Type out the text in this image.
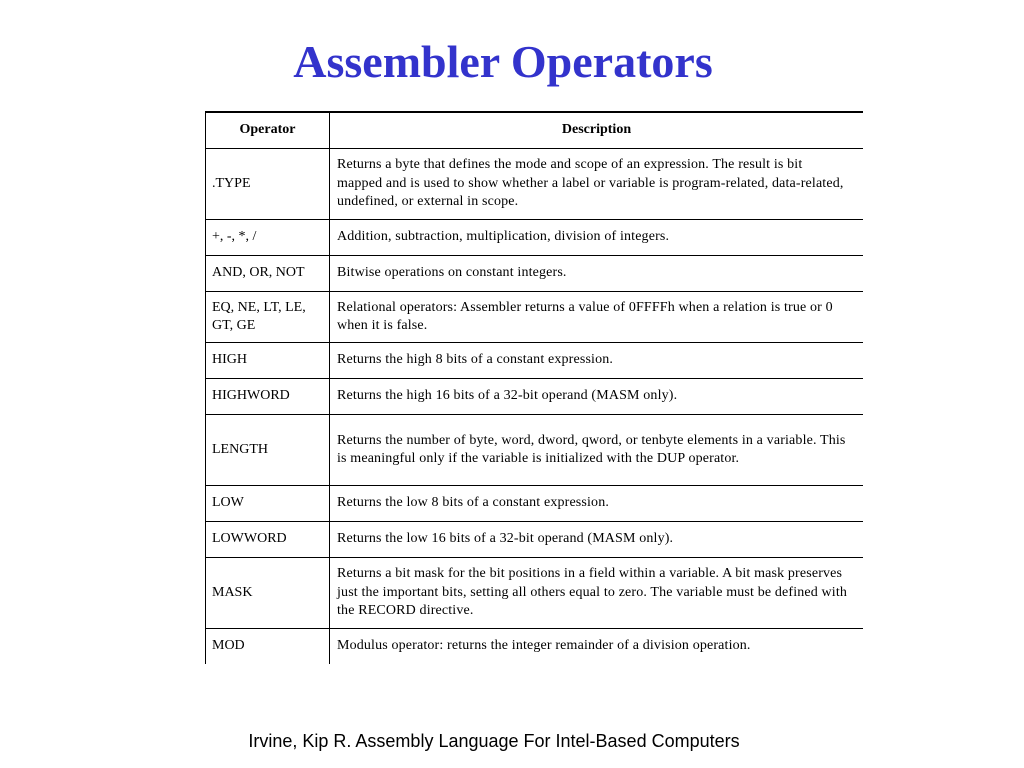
Assembler Operators
Operator	Description
.TYPE	Returns a byte that defines the mode and scope of an expression. The result is bit mapped and is used to show whether a label or variable is program-related, data-related, undefined, or external in scope.
+, -, *, /	Addition, subtraction, multiplication, division of integers.
AND, OR, NOT	Bitwise operations on constant integers.
EQ, NE, LT, LE, GT, GE	Relational operators: Assembler returns a value of 0FFFFh when a relation is true or 0 when it is false.
HIGH	Returns the high 8 bits of a constant expression.
HIGHWORD	Returns the high 16 bits of a 32-bit operand (MASM only).
LENGTH	Returns the number of byte, word, dword, qword, or tenbyte elements in a variable. This is meaningful only if the variable is initialized with the DUP operator.
LOW	Returns the low 8 bits of a constant expression.
LOWWORD	Returns the low 16 bits of a 32-bit operand (MASM only).
MASK	Returns a bit mask for the bit positions in a field within a variable. A bit mask preserves just the important bits, setting all others equal to zero. The variable must be defined with the RECORD directive.
MOD	Modulus operator: returns the integer remainder of a division operation.
Irvine, Kip R. Assembly Language For Intel-Based Computers
